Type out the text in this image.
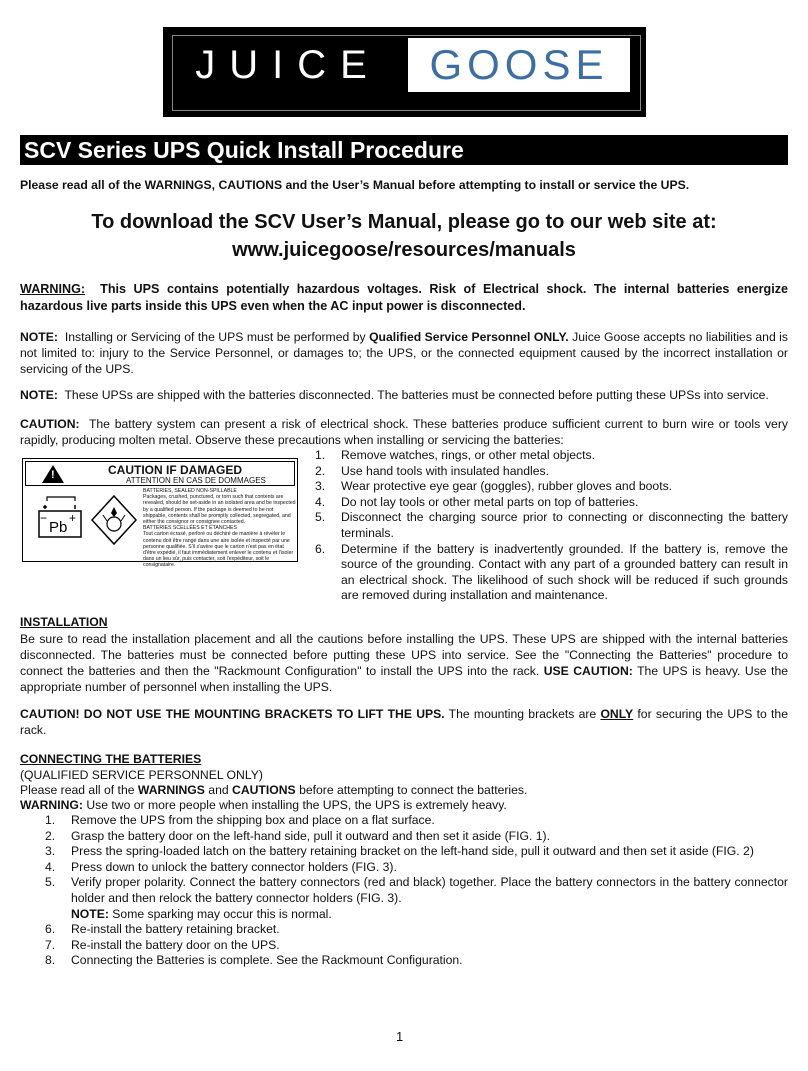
JUICE	GOOSE
SCV Series UPS Quick Install Procedure
Please read all of the WARNINGS, CAUTIONS and the User’s Manual before attempting to install or service the UPS.
To download the SCV User’s Manual, please go to our web site at:
www.juicegoose/resources/manuals
WARNING: This UPS contains potentially hazardous voltages. Risk of Electrical shock. The internal batteries energize hazardous live parts inside this UPS even when the AC input power is disconnected.
NOTE: Installing or Servicing of the UPS must be performed by Qualified Service Personnel ONLY. Juice Goose accepts no liabilities and is not limited to: injury to the Service Personnel, or damages to; the UPS, or the connected equipment caused by the incorrect installation or servicing of the UPS.
NOTE: These UPSs are shipped with the batteries disconnected. The batteries must be connected before putting these UPSs into service.
CAUTION: The battery system can present a risk of electrical shock. These batteries produce sufficient current to burn wire or tools very rapidly, producing molten metal. Observe these precautions when installing or servicing the batteries:
!	CAUTION IF DAMAGED
ATTENTION EN CAS DE DOMMAGES
Pb
− +
BATTERIES, SEALED NON-SPILLABLE
Packages, crushed, punctured, or torn such that contents are revealed, should be set-aside in an isolated area and be inspected by a qualified person. If the package is deemed to be not shippable, contents shall be promptly collected, segregated, and either the consignor or consignee contacted.
BATTERIES SCELLÉES ET ÉTANCHES
Tout carton écrasé, perforé ou déchiré de manière à révéler le contenu doit être rangé dans une aire isolée et inspecté par une personne qualifiée. S'il s'avère que le carton n'est pas en état d'être expédié, il faut immédiatement enlever le contenu et l'isoler dans un lieu sûr, puis contacter, soit l'expéditeur, soit le consignataire.
1. Remove watches, rings, or other metal objects.
2. Use hand tools with insulated handles.
3. Wear protective eye gear (goggles), rubber gloves and boots.
4. Do not lay tools or other metal parts on top of batteries.
5. Disconnect the charging source prior to connecting or disconnecting the battery terminals.
6. Determine if the battery is inadvertently grounded. If the battery is, remove the source of the grounding. Contact with any part of a grounded battery can result in an electrical shock. The likelihood of such shock will be reduced if such grounds are removed during installation and maintenance.
INSTALLATION
Be sure to read the installation placement and all the cautions before installing the UPS. These UPS are shipped with the internal batteries disconnected. The batteries must be connected before putting these UPS into service. See the "Connecting the Batteries" procedure to connect the batteries and then the "Rackmount Configuration" to install the UPS into the rack. USE CAUTION: The UPS is heavy. Use the appropriate number of personnel when installing the UPS.
CAUTION! DO NOT USE THE MOUNTING BRACKETS TO LIFT THE UPS. The mounting brackets are ONLY for securing the UPS to the rack.
CONNECTING THE BATTERIES
(QUALIFIED SERVICE PERSONNEL ONLY)
Please read all of the WARNINGS and CAUTIONS before attempting to connect the batteries.
WARNING: Use two or more people when installing the UPS, the UPS is extremely heavy.
1. Remove the UPS from the shipping box and place on a flat surface.
2. Grasp the battery door on the left-hand side, pull it outward and then set it aside (FIG. 1).
3. Press the spring-loaded latch on the battery retaining bracket on the left-hand side, pull it outward and then set it aside (FIG. 2)
4. Press down to unlock the battery connector holders (FIG. 3).
5. Verify proper polarity. Connect the battery connectors (red and black) together. Place the battery connectors in the battery connector holder and then relock the battery connector holders (FIG. 3).
NOTE: Some sparking may occur this is normal.
6. Re-install the battery retaining bracket.
7. Re-install the battery door on the UPS.
8. Connecting the Batteries is complete. See the Rackmount Configuration.
1
